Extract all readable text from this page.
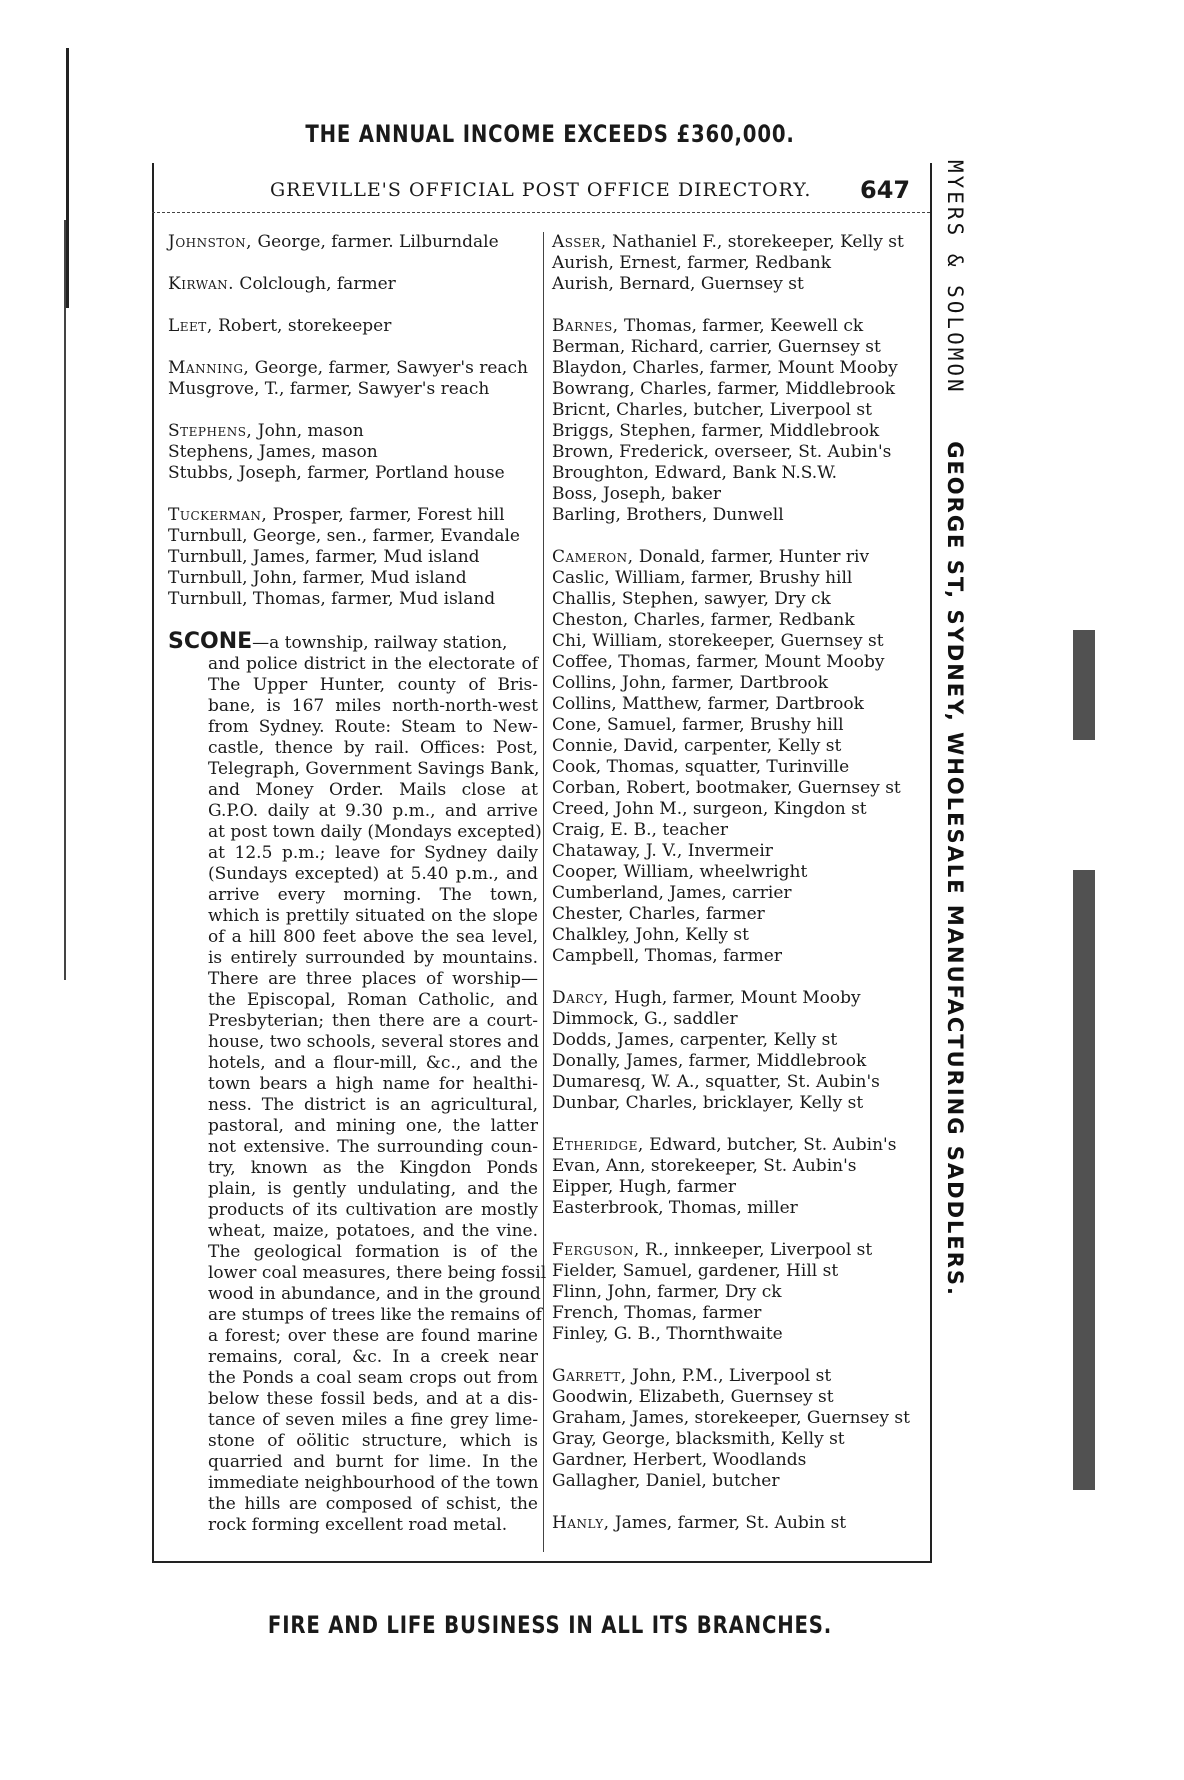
THE ANNUAL INCOME EXCEEDS £360,000.
GREVILLE'S OFFICIAL POST OFFICE DIRECTORY. 647
Johnston, George, farmer. Lilburndale
Kirwan. Colclough, farmer
Leet, Robert, storekeeper
Manning, George, farmer, Sawyer's reach
Musgrove, T., farmer, Sawyer's reach
Stephens, John, mason
Stephens, James, mason
Stubbs, Joseph, farmer, Portland house
Tuckerman, Prosper, farmer, Forest hill
Turnbull, George, sen., farmer, Evandale
Turnbull, James, farmer, Mud island
Turnbull, John, farmer, Mud island
Turnbull, Thomas, farmer, Mud island
SCONE—a township, railway station,
and police district in the electorate of
The Upper Hunter, county of Bris-
bane, is 167 miles north-north-west
from Sydney. Route: Steam to New-
castle, thence by rail. Offices: Post,
Telegraph, Government Savings Bank,
and Money Order. Mails close at
G.P.O. daily at 9.30 p.m., and arrive
at post town daily (Mondays excepted)
at 12.5 p.m.; leave for Sydney daily
(Sundays excepted) at 5.40 p.m., and
arrive every morning. The town,
which is prettily situated on the slope
of a hill 800 feet above the sea level,
is entirely surrounded by mountains.
There are three places of worship—
the Episcopal, Roman Catholic, and
Presbyterian; then there are a court-
house, two schools, several stores and
hotels, and a flour-mill, &c., and the
town bears a high name for healthi-
ness. The district is an agricultural,
pastoral, and mining one, the latter
not extensive. The surrounding coun-
try, known as the Kingdon Ponds
plain, is gently undulating, and the
products of its cultivation are mostly
wheat, maize, potatoes, and the vine.
The geological formation is of the
lower coal measures, there being fossil
wood in abundance, and in the ground
are stumps of trees like the remains of
a forest; over these are found marine
remains, coral, &c. In a creek near
the Ponds a coal seam crops out from
below these fossil beds, and at a dis-
tance of seven miles a fine grey lime-
stone of oölitic structure, which is
quarried and burnt for lime. In the
immediate neighbourhood of the town
the hills are composed of schist, the
rock forming excellent road metal.
Asser, Nathaniel F., storekeeper, Kelly st
Aurish, Ernest, farmer, Redbank
Aurish, Bernard, Guernsey st
Barnes, Thomas, farmer, Keewell ck
Berman, Richard, carrier, Guernsey st
Blaydon, Charles, farmer, Mount Mooby
Bowrang, Charles, farmer, Middlebrook
Bricnt, Charles, butcher, Liverpool st
Briggs, Stephen, farmer, Middlebrook
Brown, Frederick, overseer, St. Aubin's
Broughton, Edward, Bank N.S.W.
Boss, Joseph, baker
Barling, Brothers, Dunwell
Cameron, Donald, farmer, Hunter riv
Caslic, William, farmer, Brushy hill
Challis, Stephen, sawyer, Dry ck
Cheston, Charles, farmer, Redbank
Chi, William, storekeeper, Guernsey st
Coffee, Thomas, farmer, Mount Mooby
Collins, John, farmer, Dartbrook
Collins, Matthew, farmer, Dartbrook
Cone, Samuel, farmer, Brushy hill
Connie, David, carpenter, Kelly st
Cook, Thomas, squatter, Turinville
Corban, Robert, bootmaker, Guernsey st
Creed, John M., surgeon, Kingdon st
Craig, E. B., teacher
Chataway, J. V., Invermeir
Cooper, William, wheelwright
Cumberland, James, carrier
Chester, Charles, farmer
Chalkley, John, Kelly st
Campbell, Thomas, farmer
Darcy, Hugh, farmer, Mount Mooby
Dimmock, G., saddler
Dodds, James, carpenter, Kelly st
Donally, James, farmer, Middlebrook
Dumaresq, W. A., squatter, St. Aubin's
Dunbar, Charles, bricklayer, Kelly st
Etheridge, Edward, butcher, St. Aubin's
Evan, Ann, storekeeper, St. Aubin's
Eipper, Hugh, farmer
Easterbrook, Thomas, miller
Ferguson, R., innkeeper, Liverpool st
Fielder, Samuel, gardener, Hill st
Flinn, John, farmer, Dry ck
French, Thomas, farmer
Finley, G. B., Thornthwaite
Garrett, John, P.M., Liverpool st
Goodwin, Elizabeth, Guernsey st
Graham, James, storekeeper, Guernsey st
Gray, George, blacksmith, Kelly st
Gardner, Herbert, Woodlands
Gallagher, Daniel, butcher
Hanly, James, farmer, St. Aubin st
MYERS & SOLOMON     GEORGE ST, SYDNEY, WHOLESALE MANUFACTURING SADDLERS.
FIRE AND LIFE BUSINESS IN ALL ITS BRANCHES.
